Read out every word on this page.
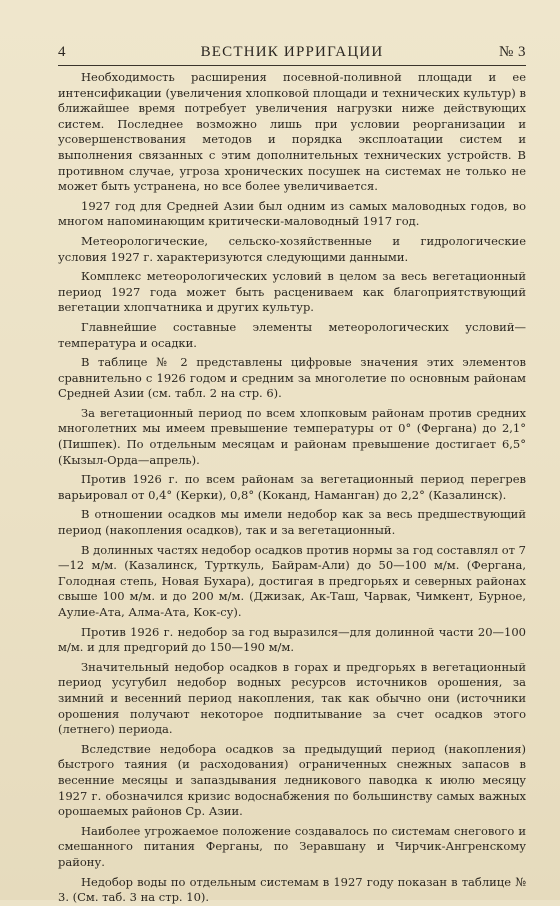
4	ВЕСТНИК ИРРИГАЦИИ	№ 3

Необходимость расширения посевной-поливной площади и ее интенсификации (увеличения хлопковой площади и технических культур) в ближайшее время потребует увеличения нагрузки ниже действующих систем. Последнее возможно лишь при условии реорганизации и усовершенствования методов и порядка эксплоатации систем и выполнения связанных с этим дополнительных технических устройств. В противном случае, угроза хронических посушек на системах не только не может быть устранена, но все более увеличивается.

1927 год для Средней Азии был одним из самых маловодных годов, во многом напоминающим критически-маловодный 1917 год.

Метеорологические, сельско-хозяйственные и гидрологические условия 1927 г. характеризуются следующими данными.

Комплекс метеорологических условий в целом за весь вегетационный период 1927 года может быть расцениваем как благоприятствующий вегетации хлопчатника и других культур.

Главнейшие составные элементы метеорологических условий—температура и осадки.

В таблице № 2 представлены цифровые значения этих элементов сравнительно с 1926 годом и средним за многолетие по основным районам Средней Азии (см. табл. 2 на стр. 6).

За вегетационный период по всем хлопковым районам против средних многолетних мы имеем превышение температуры от 0° (Фергана) до 2,1° (Пишпек). По отдельным месяцам и районам превышение достигает 6,5° (Кызыл-Орда—апрель).

Против 1926 г. по всем районам за вегетационный период перегрев варьировал от 0,4° (Керки), 0,8° (Коканд, Наманган) до 2,2° (Казалинск).

В отношении осадков мы имели недобор как за весь предшествующий период (накопления осадков), так и за вегетационный.

В долинных частях недобор осадков против нормы за год составлял от 7—12 м/м. (Казалинск, Турткуль, Байрам-Али) до 50—100 м/м. (Фергана, Голодная степь, Новая Бухара), достигая в предгорьях и северных районах свыше 100 м/м. и до 200 м/м. (Джизак, Ак-Таш, Чарвак, Чимкент, Бурное, Аулие-Ата, Алма-Ата, Кок-су).

Против 1926 г. недобор за год выразился—для долинной части 20—100 м/м. и для предгорий до 150—190 м/м.

Значительный недобор осадков в горах и предгорьях в вегетационный период усугубил недобор водных ресурсов источников орошения, за зимний и весенний период накопления, так как обычно они (источники орошения получают некоторое подпитывание за счет осадков этого (летнего) периода.

Вследствие недобора осадков за предыдущий период (накопления) быстрого таяния (и расходования) ограниченных снежных запасов в весенние месяцы и запаздывания ледникового паводка к июлю месяцу 1927 г. обозначился кризис водоснабжения по большинству самых важных орошаемых районов Ср. Азии.

Наиболее угрожаемое положение создавалось по системам снегового и смешанного питания Ферганы, по Зеравшану и Чирчик-Ангренскому району.

Недобор воды по отдельным системам в 1927 году показан в таблице № 3. (См. таб. 3 на стр. 10).
